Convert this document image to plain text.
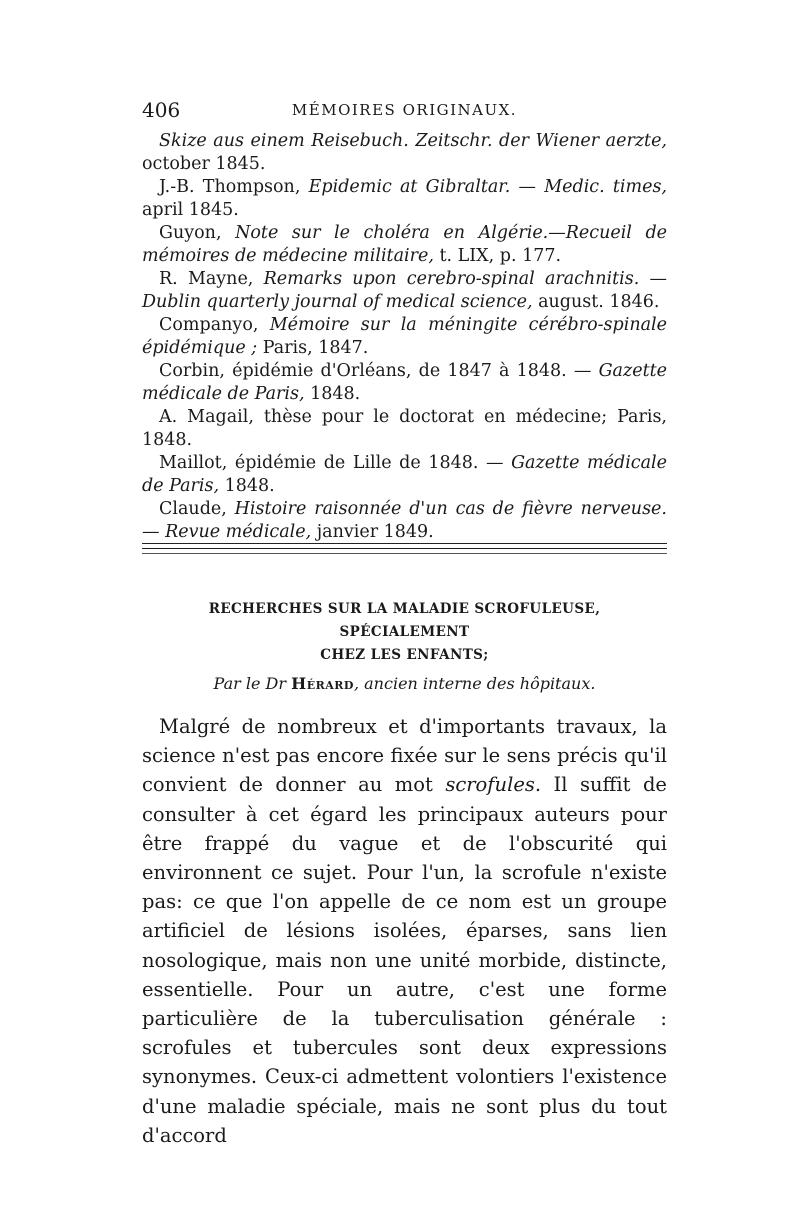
406	MÉMOIRES ORIGINAUX.

Skize aus einem Reisebuch. Zeitschr. der Wiener aerzte, october 1845.

J.-B. Thompson, Epidemic at Gibraltar. — Medic. times, april 1845.

Guyon, Note sur le choléra en Algérie.—Recueil de mémoires de médecine militaire, t. LIX, p. 177.

R. Mayne, Remarks upon cerebro-spinal arachnitis. — Dublin quarterly journal of medical science, august. 1846.

Companyo, Mémoire sur la méningite cérébro-spinale épidémique ; Paris, 1847.

Corbin, épidémie d'Orléans, de 1847 à 1848. — Gazette médicale de Paris, 1848.

A. Magail, thèse pour le doctorat en médecine; Paris, 1848.

Maillot, épidémie de Lille de 1848. — Gazette médicale de Paris, 1848.

Claude, Histoire raisonnée d'un cas de fièvre nerveuse. — Revue médicale, janvier 1849.

RECHERCHES SUR LA MALADIE SCROFULEUSE, SPÉCIALEMENT
CHEZ LES ENFANTS;
Par le Dr Hérard, ancien interne des hôpitaux.

Malgré de nombreux et d'importants travaux, la science n'est pas encore fixée sur le sens précis qu'il convient de donner au mot scrofules. Il suffit de consulter à cet égard les principaux auteurs pour être frappé du vague et de l'obscurité qui environnent ce sujet. Pour l'un, la scrofule n'existe pas: ce que l'on appelle de ce nom est un groupe artificiel de lésions isolées, éparses, sans lien nosologique, mais non une unité morbide, distincte, essentielle. Pour un autre, c'est une forme particulière de la tuberculisation générale : scrofules et tubercules sont deux expressions synonymes. Ceux-ci admettent volontiers l'existence d'une maladie spéciale, mais ne sont plus du tout d'accord
